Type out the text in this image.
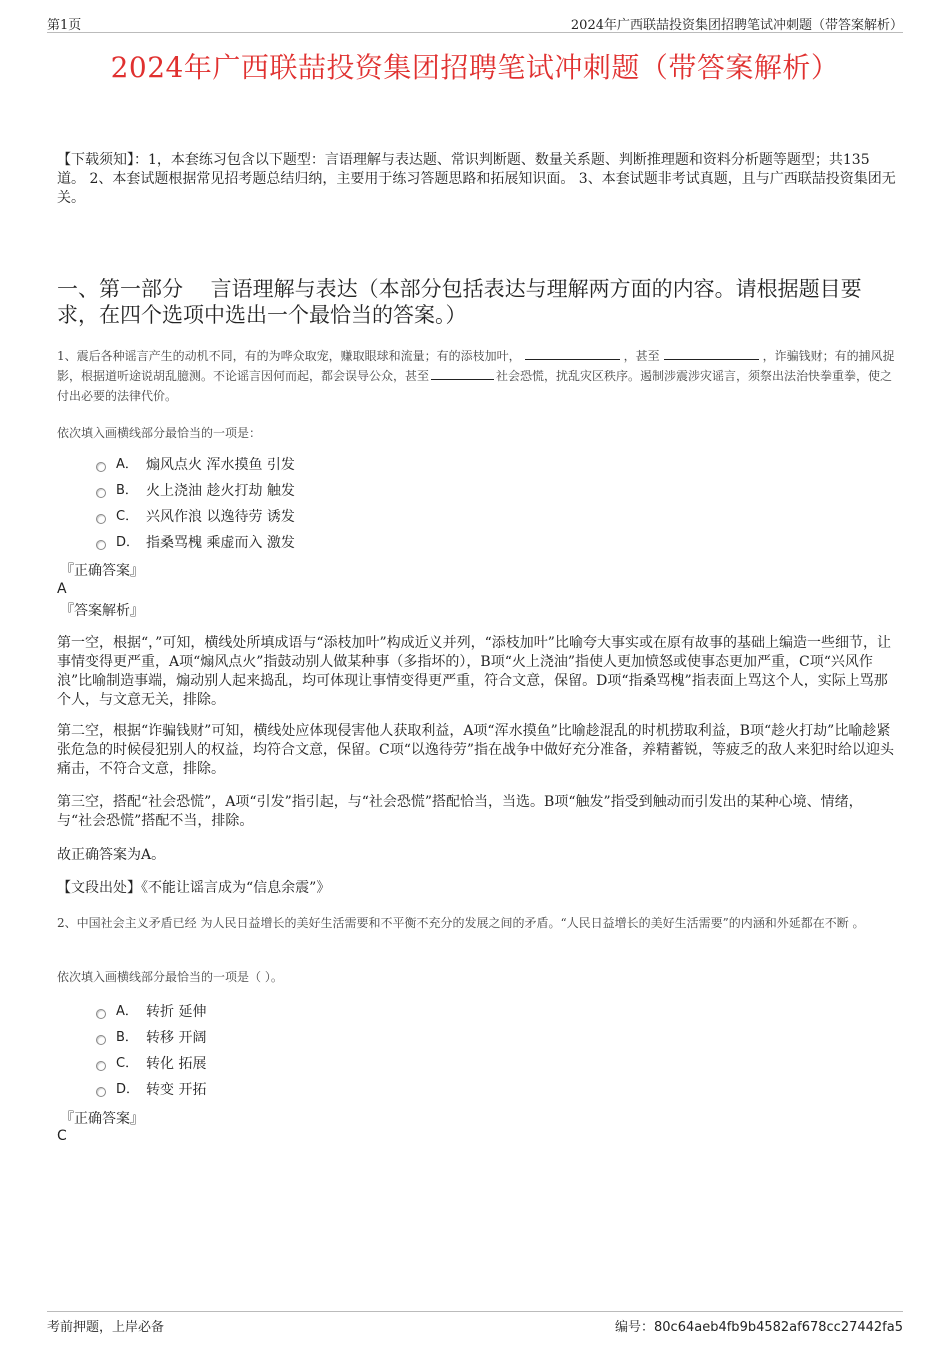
第1页	2024年广西联喆投资集团招聘笔试冲刺题（带答案解析）
2024年广西联喆投资集团招聘笔试冲刺题（带答案解析）
【下载须知】：1，本套练习包含以下题型：言语理解与表达题、常识判断题、数量关系题、判断推理题和资料分析题等题型；共135道。 2、本套试题根据常见招考题总结归纳，主要用于练习答题思路和拓展知识面。 3、本套试题非考试真题，且与广西联喆投资集团无关。
一、第一部分　 言语理解与表达（本部分包括表达与理解两方面的内容。请根据题目要求，在四个选项中选出一个最恰当的答案。）
1、震后各种谣言产生的动机不同，有的为哗众取宠，赚取眼球和流量；有的添枝加叶，	，甚至	，诈骗钱财；有的捕风捉影，根据道听途说胡乱臆测。不论谣言因何而起，都会误导公众，甚至	社会恐慌，扰乱灾区秩序。遏制涉震涉灾谣言，须祭出法治快拳重拳，使之付出必要的法律代价。
依次填入画横线部分最恰当的一项是：
A． 煽风点火 浑水摸鱼 引发
B． 火上浇油 趁火打劫 触发
C． 兴风作浪 以逸待劳 诱发
D． 指桑骂槐 乘虚而入 激发
『正确答案』
A
『答案解析』
第一空，根据“，”可知，横线处所填成语与“添枝加叶”构成近义并列，“添枝加叶”比喻夸大事实或在原有故事的基础上编造一些细节，让事情变得更严重，A项“煽风点火”指鼓动别人做某种事（多指坏的），B项“火上浇油”指使人更加愤怒或使事态更加严重，C项“兴风作浪”比喻制造事端，煽动别人起来捣乱，均可体现让事情变得更严重，符合文意，保留。D项“指桑骂槐”指表面上骂这个人，实际上骂那个人，与文意无关，排除。
第二空，根据“诈骗钱财”可知，横线处应体现侵害他人获取利益，A项“浑水摸鱼”比喻趁混乱的时机捞取利益，B项“趁火打劫”比喻趁紧张危急的时候侵犯别人的权益，均符合文意，保留。C项“以逸待劳”指在战争中做好充分准备，养精蓄锐，等疲乏的敌人来犯时给以迎头痛击，不符合文意，排除。
第三空，搭配“社会恐慌”，A项“引发”指引起，与“社会恐慌”搭配恰当，当选。B项“触发”指受到触动而引发出的某种心境、情绪，与“社会恐慌”搭配不当，排除。
故正确答案为A。
【文段出处】《不能让谣言成为“信息余震”》
2、中国社会主义矛盾已经 为人民日益增长的美好生活需要和不平衡不充分的发展之间的矛盾。“人民日益增长的美好生活需要”的内涵和外延都在不断 。
依次填入画横线部分最恰当的一项是（ ）。
A． 转折 延伸
B． 转移 开阔
C． 转化 拓展
D． 转变 开拓
『正确答案』
C
考前押题，上岸必备	编号：80c64aeb4fb9b4582af678cc27442fa5
